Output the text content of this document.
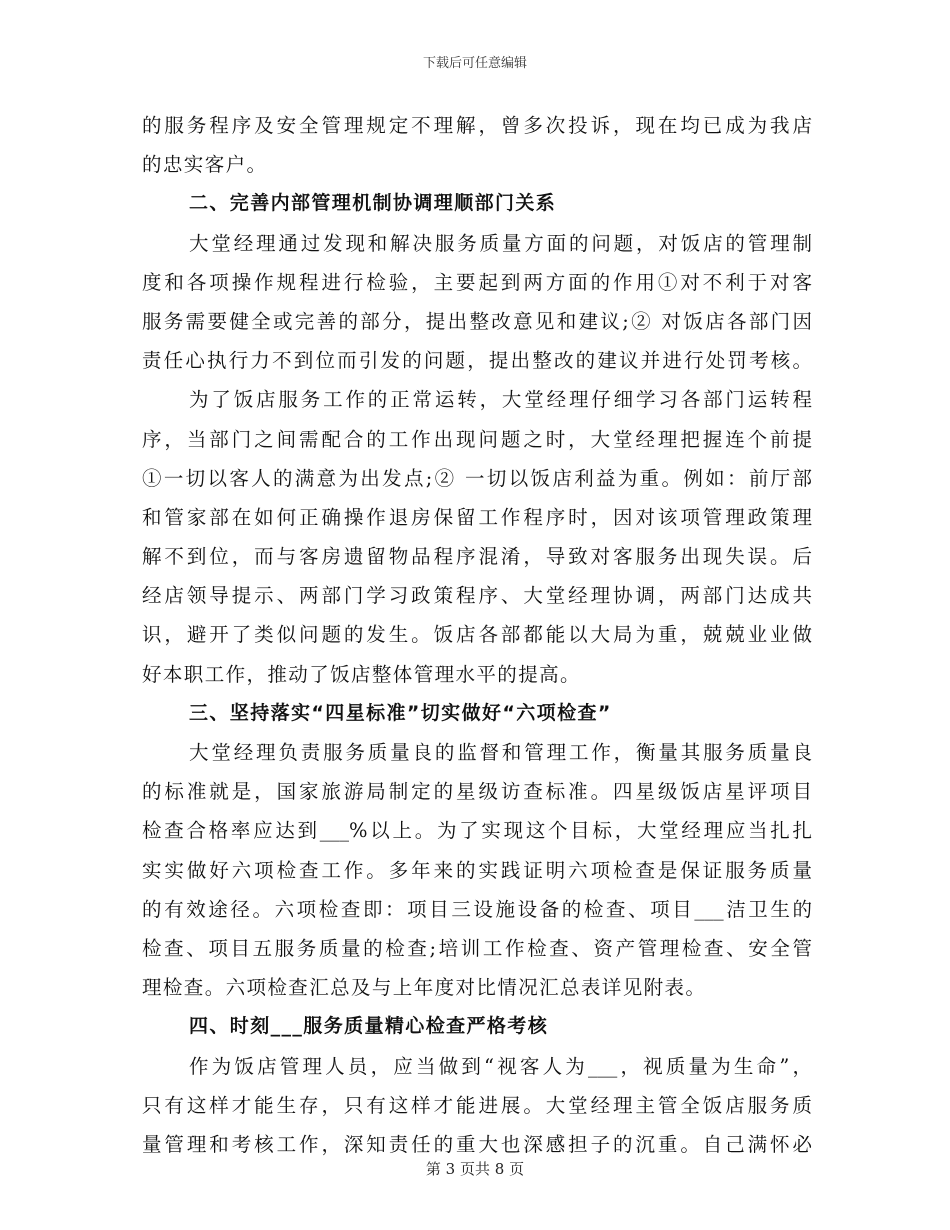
下载后可任意编辑
的服务程序及安全管理规定不理解，曾多次投诉，现在均已成为我店
的忠实客户。
二、完善内部管理机制协调理顺部门关系
大堂经理通过发现和解决服务质量方面的问题，对饭店的管理制
度和各项操作规程进行检验，主要起到两方面的作用①对不利于对客
服务需要健全或完善的部分，提出整改意见和建议;② 对饭店各部门因
责任心执行力不到位而引发的问题，提出整改的建议并进行处罚考核。
为了饭店服务工作的正常运转，大堂经理仔细学习各部门运转程
序，当部门之间需配合的工作出现问题之时，大堂经理把握连个前提
①一切以客人的满意为出发点;② 一切以饭店利益为重。例如：前厅部
和管家部在如何正确操作退房保留工作程序时，因对该项管理政策理
解不到位，而与客房遗留物品程序混淆，导致对客服务出现失误。后
经店领导提示、两部门学习政策程序、大堂经理协调，两部门达成共
识，避开了类似问题的发生。饭店各部都能以大局为重，兢兢业业做
好本职工作，推动了饭店整体管理水平的提高。
三、坚持落实“四星标准”切实做好“六项检查”
大堂经理负责服务质量良的监督和管理工作，衡量其服务质量良
的标准就是，国家旅游局制定的星级访查标准。四星级饭店星评项目
检查合格率应达到___%以上。为了实现这个目标，大堂经理应当扎扎
实实做好六项检查工作。多年来的实践证明六项检查是保证服务质量
的有效途径。六项检查即：项目三设施设备的检查、项目___洁卫生的
检查、项目五服务质量的检查;培训工作检查、资产管理检查、安全管
理检查。六项检查汇总及与上年度对比情况汇总表详见附表。
四、时刻___服务质量精心检查严格考核
作为饭店管理人员，应当做到“视客人为___，视质量为生命”，
只有这样才能生存，只有这样才能进展。大堂经理主管全饭店服务质
量管理和考核工作，深知责任的重大也深感担子的沉重。自己满怀必
第 3 页共 8 页
